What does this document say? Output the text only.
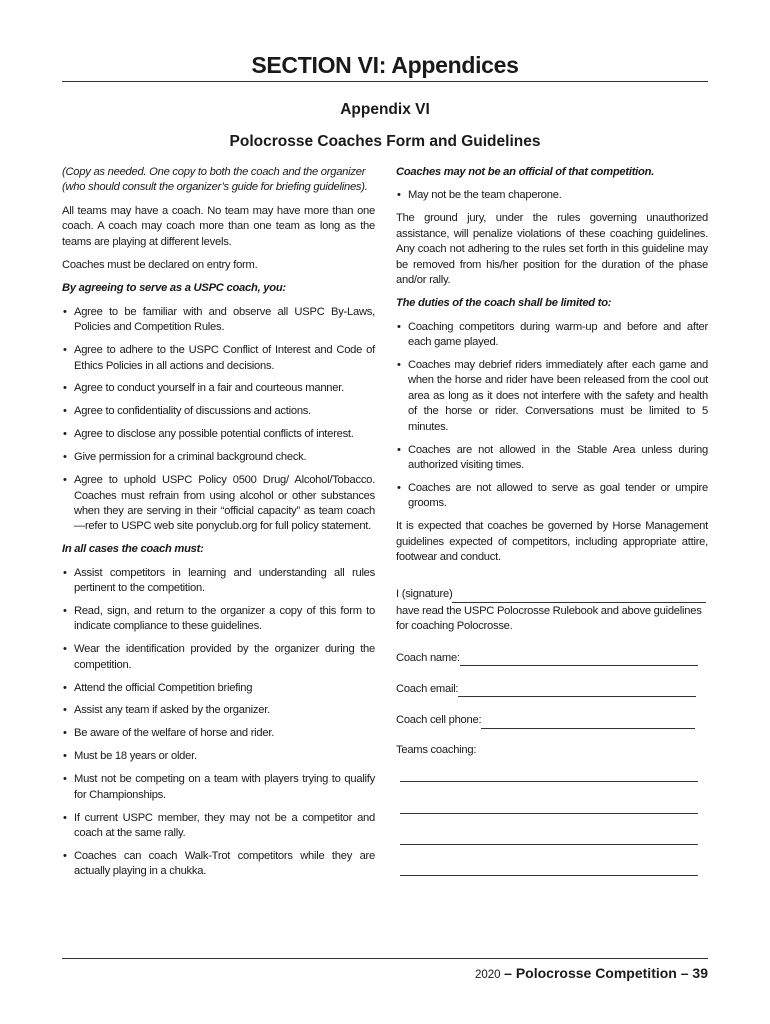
SECTION VI: Appendices
Appendix VI
Polocrosse Coaches Form and Guidelines

(Copy as needed. One copy to both the coach and the organizer (who should consult the organizer’s guide for briefing guidelines).

All teams may have a coach. No team may have more than one coach. A coach may coach more than one team as long as the teams are playing at different levels.

Coaches must be declared on entry form.

By agreeing to serve as a USPC coach, you:

• Agree to be familiar with and observe all USPC By-Laws, Policies and Competition Rules.
• Agree to adhere to the USPC Conflict of Interest and Code of Ethics Policies in all actions and decisions.
• Agree to conduct yourself in a fair and courteous manner.
• Agree to confidentiality of discussions and actions.
• Agree to disclose any possible potential conflicts of interest.
• Give permission for a criminal background check.
• Agree to uphold USPC Policy 0500 Drug/ Alcohol/Tobacco. Coaches must refrain from using alcohol or other substances when they are serving in their “official capacity” as team coach—refer to USPC web site ponyclub.org for full policy statement.

In all cases the coach must:

• Assist competitors in learning and understanding all rules pertinent to the competition.
• Read, sign, and return to the organizer a copy of this form to indicate compliance to these guidelines.
• Wear the identification provided by the organizer during the competition.
• Attend the official Competition briefing
• Assist any team if asked by the organizer.
• Be aware of the welfare of horse and rider.
• Must be 18 years or older.
• Must not be competing on a team with players trying to qualify for Championships.
• If current USPC member, they may not be a competitor and coach at the same rally.
• Coaches can coach Walk-Trot competitors while they are actually playing in a chukka.

Coaches may not be an official of that competition.

• May not be the team chaperone.

The ground jury, under the rules governing unauthorized assistance, will penalize violations of these coaching guidelines. Any coach not adhering to the rules set forth in this guideline may be removed from his/her position for the duration of the phase and/or rally.

The duties of the coach shall be limited to:

• Coaching competitors during warm-up and before and after each game played.
• Coaches may debrief riders immediately after each game and when the horse and rider have been released from the cool out area as long as it does not interfere with the safety and health of the horse or rider. Conversations must be limited to 5 minutes.
• Coaches are not allowed in the Stable Area unless during authorized visiting times.
• Coaches are not allowed to serve as goal tender or umpire grooms.

It is expected that coaches be governed by Horse Management guidelines expected of competitors, including appropriate attire, footwear and conduct.

I (signature)

have read the USPC Polocrosse Rulebook and above guidelines for coaching Polocrosse.

Coach name:
Coach email:
Coach cell phone:
Teams coaching:
2020 – Polocrosse Competition – 39
